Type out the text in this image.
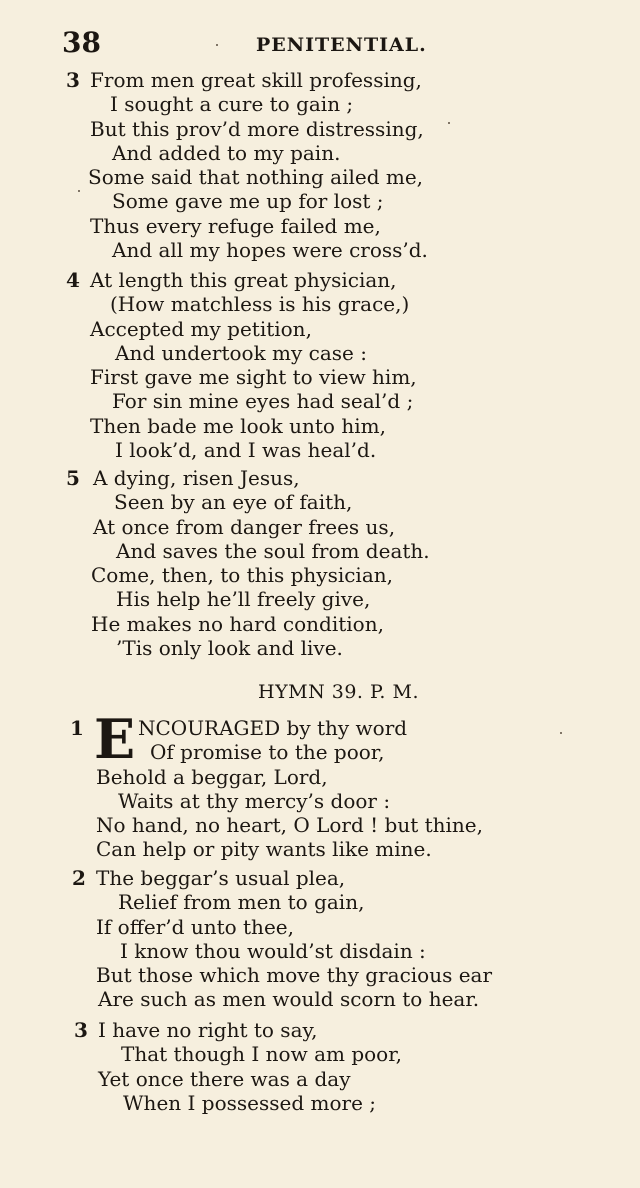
38	PENITENTIAL.
3 From men great skill professing,
I sought a cure to gain ;
But this prov’d more distressing,
And added to my pain.
Some said that nothing ailed me,
Some gave me up for lost ;
Thus every refuge failed me,
And all my hopes were cross’d.
4 At length this great physician,
(How matchless is his grace,)
Accepted my petition,
And undertook my case :
First gave me sight to view him,
For sin mine eyes had seal’d ;
Then bade me look unto him,
I look’d, and I was heal’d.
5 A dying, risen Jesus,
Seen by an eye of faith,
At once from danger frees us,
And saves the soul from death.
Come, then, to this physician,
His help he’ll freely give,
He makes no hard condition,
’Tis only look and live.
HYMN 39. P. M.
E
1	NCOURAGED by thy word
Of promise to the poor,
Behold a beggar, Lord,
Waits at thy mercy’s door :
No hand, no heart, O Lord ! but thine,
Can help or pity wants like mine.
2 The beggar’s usual plea,
Relief from men to gain,
If offer’d unto thee,
I know thou would’st disdain :
But those which move thy gracious ear
Are such as men would scorn to hear.
3 I have no right to say,
That though I now am poor,
Yet once there was a day
When I possessed more ;
